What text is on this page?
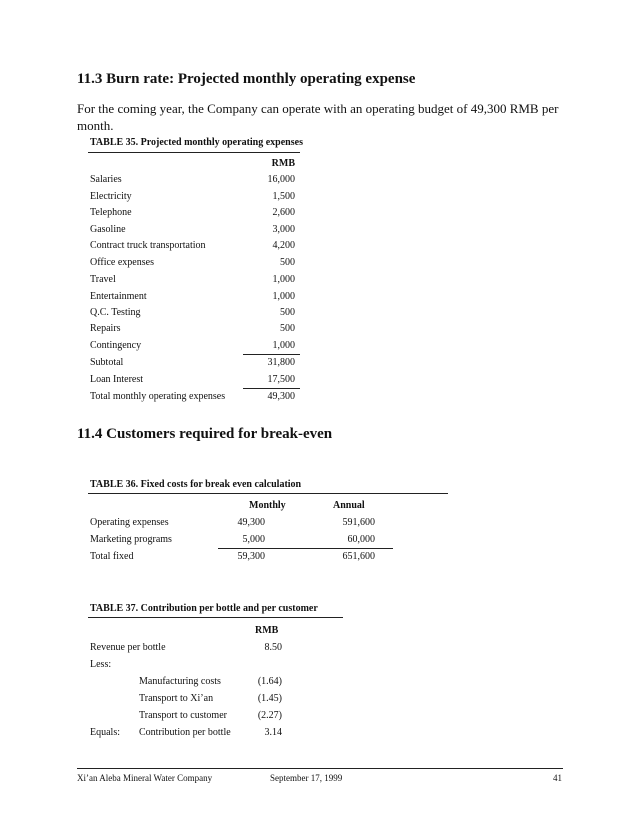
11.3 Burn rate: Projected monthly operating expense
For the coming year, the Company can operate with an operating budget of 49,300 RMB per
month.
TABLE 35. Projected monthly operating expenses
RMB
Salaries	16,000
Electricity	1,500
Telephone	2,600
Gasoline	3,000
Contract truck transportation	4,200
Office expenses	500
Travel	1,000
Entertainment	1,000
Q.C. Testing	500
Repairs	500
Contingency	1,000
Subtotal	31,800
Loan Interest	17,500
Total monthly operating expenses	49,300
11.4 Customers required for break-even
TABLE 36. Fixed costs for break even calculation
Monthly	Annual
Operating expenses	49,300	591,600
Marketing programs	5,000	60,000
Total fixed	59,300	651,600
TABLE 37. Contribution per bottle and per customer
RMB
Revenue per bottle	8.50
Less:
Manufacturing costs	(1.64)
Transport to Xi’an	(1.45)
Transport to customer	(2.27)
Equals: Contribution per bottle	3.14
Xi’an Aleba Mineral Water Company	September 17, 1999	41
